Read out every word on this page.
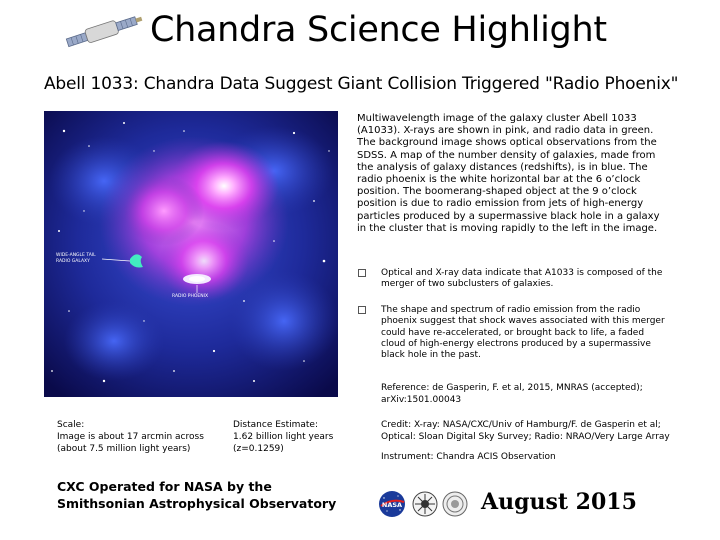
Chandra Science Highlight
Abell 1033: Chandra Data Suggest Giant Collision Triggered "Radio Phoenix"
WIDE-ANGLE TAIL
RADIO GALAXY
RADIO PHOENIX
Multiwavelength image of the galaxy cluster Abell 1033 (A1033). X-rays are shown in pink, and radio data in green. The background image shows optical observations from the SDSS. A map of the number density of galaxies, made from the analysis of galaxy distances (redshifts), is in blue. The radio phoenix is the white horizontal bar at the 6 o’clock position. The boomerang-shaped object at the 9 o’clock position is due to radio emission from jets of high-energy particles produced by a supermassive black hole in a galaxy in the cluster that is moving rapidly to the left in the image.
Optical and X-ray data indicate that A1033 is composed of the merger of two subclusters of galaxies.
The shape and spectrum of radio emission from the radio phoenix suggest that shock waves associated with this merger could have re-accelerated, or brought back to life, a faded cloud of high-energy electrons produced by a supermassive black hole in the past.
Reference: de Gasperin, F. et al, 2015, MNRAS (accepted); arXiv:1501.00043
Scale:
Image is about 17 arcmin across
(about 7.5 million light years)
Distance Estimate:
1.62 billion light years
(z=0.1259)
Credit: X-ray: NASA/CXC/Univ of Hamburg/F. de Gasperin et al;
Optical: Sloan Digital Sky Survey; Radio: NRAO/Very Large Array
Instrument: Chandra ACIS Observation
CXC Operated for NASA by the
Smithsonian Astrophysical Observatory	NASA	August 2015
